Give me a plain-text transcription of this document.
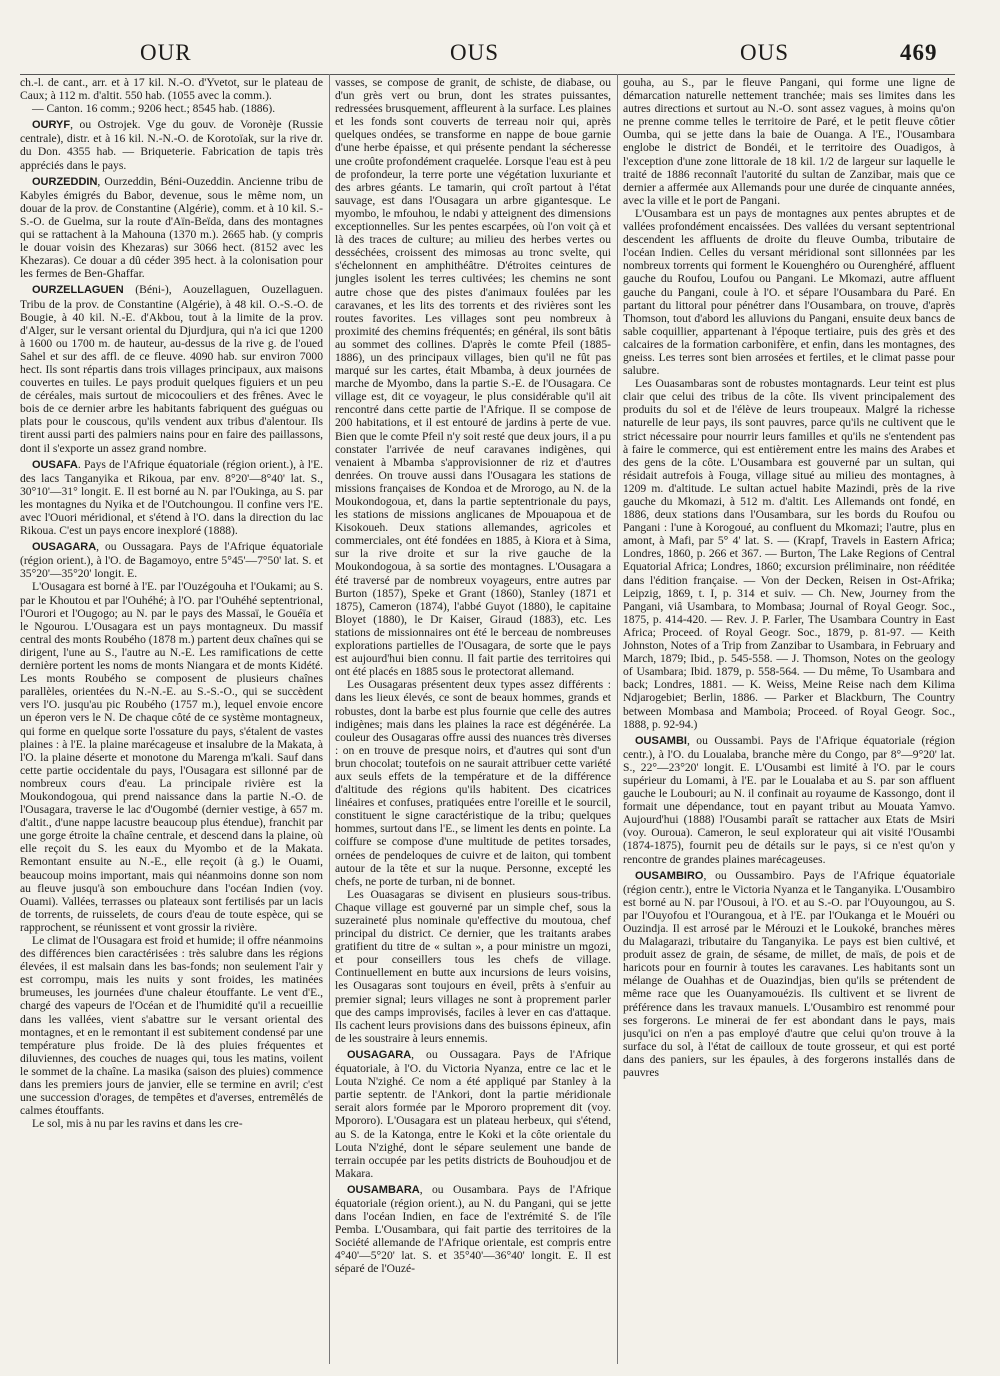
OUR	OUS	OUS	469

ch.-l. de cant., arr. et à 17 kil. N.-O. d'Yvetot, sur le plateau de Caux; à 112 m. d'altit. 550 hab. (1055 avec la comm.).

— Canton. 16 comm.; 9206 hect.; 8545 hab. (1886).

OURYF, ou Ostrojek. Vge du gouv. de Voronèje (Russie centrale), distr. et à 16 kil. N.-N.-O. de Korotoïak, sur la rive dr. du Don. 4355 hab. — Briqueterie. Fabrication de tapis très appréciés dans le pays.

OURZEDDIN, Ourzeddin, Béni-Ouzeddin. Ancienne tribu de Kabyles émigrés du Babor, devenue, sous le même nom, un douar de la prov. de Constantine (Algérie), comm. et à 10 kil. S.-S.-O. de Guelma, sur la route d'Aïn-Beïda, dans des montagnes qui se rattachent à la Mahouna (1370 m.). 2665 hab. (y compris le douar voisin des Khezaras) sur 3066 hect. (8152 avec les Khezaras). Ce douar a dû céder 395 hect. à la colonisation pour les fermes de Ben-Ghaffar.

OURZELLAGUEN (Béni-), Aouzellaguen, Ouzellaguen. Tribu de la prov. de Constantine (Algérie), à 48 kil. O.-S.-O. de Bougie, à 40 kil. N.-E. d'Akbou, tout à la limite de la prov. d'Alger, sur le versant oriental du Djurdjura, qui n'a ici que 1200 à 1600 ou 1700 m. de hauteur, au-dessus de la rive g. de l'oued Sahel et sur des affl. de ce fleuve. 4090 hab. sur environ 7000 hect. Ils sont répartis dans trois villages principaux, aux maisons couvertes en tuiles. Le pays produit quelques figuiers et un peu de céréales, mais surtout de micocouliers et des frênes. Avec le bois de ce dernier arbre les habitants fabriquent des guéguas ou plats pour le couscous, qu'ils vendent aux tribus d'alentour. Ils tirent aussi parti des palmiers nains pour en faire des paillassons, dont il s'exporte un assez grand nombre.

OUSAFA. Pays de l'Afrique équatoriale (région orient.), à l'E. des lacs Tanganyika et Rikoua, par env. 8°20'—8°40' lat. S., 30°10'—31° longit. E. Il est borné au N. par l'Oukinga, au S. par les montagnes du Nyika et de l'Outchoungou. Il confine vers l'E. avec l'Ouori méridional, et s'étend à l'O. dans la direction du lac Rikoua. C'est un pays encore inexploré (1888).

OUSAGARA, ou Oussagara. Pays de l'Afrique équatoriale (région orient.), à l'O. de Bagamoyo, entre 5°45'—7°50' lat. S. et 35°20'—35°20' longit. E.

L'Ousagara est borné à l'E. par l'Ouzégouha et l'Oukami; au S. par le Khoutou et par l'Ouhéhé; à l'O. par l'Ouhéhé septentrional, l'Ourori et l'Ougogo; au N. par le pays des Massaï, le Gouéïa et le Ngourou. L'Ousagara est un pays montagneux. Du massif central des monts Roubého (1878 m.) partent deux chaînes qui se dirigent, l'une au S., l'autre au N.-E. Les ramifications de cette dernière portent les noms de monts Niangara et de monts Kidété. Les monts Roubého se composent de plusieurs chaînes parallèles, orientées du N.-N.-E. au S.-S.-O., qui se succèdent vers l'O. jusqu'au pic Roubého (1757 m.), lequel envoie encore un éperon vers le N. De chaque côté de ce système montagneux, qui forme en quelque sorte l'ossature du pays, s'étalent de vastes plaines : à l'E. la plaine marécageuse et insalubre de la Makata, à l'O. la plaine déserte et monotone du Marenga m'kali. Sauf dans cette partie occidentale du pays, l'Ousagara est sillonné par de nombreux cours d'eau. La principale rivière est la Moukondogoua, qui prend naissance dans la partie N.-O. de l'Ousagara, traverse le lac d'Ougombé (dernier vestige, à 657 m. d'altit., d'une nappe lacustre beaucoup plus étendue), franchit par une gorge étroite la chaîne centrale, et descend dans la plaine, où elle reçoit du S. les eaux du Myombo et de la Makata. Remontant ensuite au N.-E., elle reçoit (à g.) le Ouami, beaucoup moins important, mais qui néanmoins donne son nom au fleuve jusqu'à son embouchure dans l'océan Indien (voy. Ouami). Vallées, terrasses ou plateaux sont fertilisés par un lacis de torrents, de ruisselets, de cours d'eau de toute espèce, qui se rapprochent, se réunissent et vont grossir la rivière.

Le climat de l'Ousagara est froid et humide; il offre néanmoins des différences bien caractérisées : très salubre dans les régions élevées, il est malsain dans les bas-fonds; non seulement l'air y est corrompu, mais les nuits y sont froides, les matinées brumeuses, les journées d'une chaleur étouffante. Le vent d'E., chargé des vapeurs de l'Océan et de l'humidité qu'il a recueillie dans les vallées, vient s'abattre sur le versant oriental des montagnes, et en le remontant il est subitement condensé par une température plus froide. De là des pluies fréquentes et diluviennes, des couches de nuages qui, tous les matins, voilent le sommet de la chaîne. La masika (saison des pluies) commence dans les premiers jours de janvier, elle se termine en avril; c'est une succession d'orages, de tempêtes et d'averses, entremêlés de calmes étouffants.

Le sol, mis à nu par les ravins et dans les cre-

vasses, se compose de granit, de schiste, de diabase, ou d'un grès vert ou brun, dont les strates puissantes, redressées brusquement, affleurent à la surface. Les plaines et les fonds sont couverts de terreau noir qui, après quelques ondées, se transforme en nappe de boue garnie d'une herbe épaisse, et qui présente pendant la sécheresse une croûte profondément craquelée. Lorsque l'eau est à peu de profondeur, la terre porte une végétation luxuriante et des arbres géants. Le tamarin, qui croît partout à l'état sauvage, est dans l'Ousagara un arbre gigantesque. Le myombo, le mfouhou, le ndabi y atteignent des dimensions exceptionnelles. Sur les pentes escarpées, où l'on voit çà et là des traces de culture; au milieu des herbes vertes ou desséchées, croissent des mimosas au tronc svelte, qui s'échelonnent en amphithéâtre. D'étroites ceintures de jungles isolent les terres cultivées; les chemins ne sont autre chose que des pistes d'animaux foulées par les caravanes, et les lits des torrents et des rivières sont les routes favorites. Les villages sont peu nombreux à proximité des chemins fréquentés; en général, ils sont bâtis au sommet des collines. D'après le comte Pfeil (1885-1886), un des principaux villages, bien qu'il ne fût pas marqué sur les cartes, était Mbamba, à deux journées de marche de Myombo, dans la partie S.-E. de l'Ousagara. Ce village est, dit ce voyageur, le plus considérable qu'il ait rencontré dans cette partie de l'Afrique. Il se compose de 200 habitations, et il est entouré de jardins à perte de vue. Bien que le comte Pfeil n'y soit resté que deux jours, il a pu constater l'arrivée de neuf caravanes indigènes, qui venaient à Mbamba s'approvisionner de riz et d'autres denrées. On trouve aussi dans l'Ousagara les stations de missions françaises de Kondoa et de Mrorogo, au N. de la Moukondogoua, et, dans la partie septentrionale du pays, les stations de missions anglicanes de Mpouapoua et de Kisokoueh. Deux stations allemandes, agricoles et commerciales, ont été fondées en 1885, à Kiora et à Sima, sur la rive droite et sur la rive gauche de la Moukondogoua, à sa sortie des montagnes. L'Ousagara a été traversé par de nombreux voyageurs, entre autres par Burton (1857), Speke et Grant (1860), Stanley (1871 et 1875), Cameron (1874), l'abbé Guyot (1880), le capitaine Bloyet (1880), le Dr Kaiser, Giraud (1883), etc. Les stations de missionnaires ont été le berceau de nombreuses explorations partielles de l'Ousagara, de sorte que le pays est aujourd'hui bien connu. Il fait partie des territoires qui ont été placés en 1885 sous le protectorat allemand.

Les Ousagaras présentent deux types assez différents : dans les lieux élevés, ce sont de beaux hommes, grands et robustes, dont la barbe est plus fournie que celle des autres indigènes; mais dans les plaines la race est dégénérée. La couleur des Ousagaras offre aussi des nuances très diverses : on en trouve de presque noirs, et d'autres qui sont d'un brun chocolat; toutefois on ne saurait attribuer cette variété aux seuls effets de la température et de la différence d'altitude des régions qu'ils habitent. Des cicatrices linéaires et confuses, pratiquées entre l'oreille et le sourcil, constituent le signe caractéristique de la tribu; quelques hommes, surtout dans l'E., se liment les dents en pointe. La coiffure se compose d'une multitude de petites torsades, ornées de pendeloques de cuivre et de laiton, qui tombent autour de la tête et sur la nuque. Personne, excepté les chefs, ne porte de turban, ni de bonnet.

Les Ouasagaras se divisent en plusieurs sous-tribus. Chaque village est gouverné par un simple chef, sous la suzeraineté plus nominale qu'effective du moutoua, chef principal du district. Ce dernier, que les traitants arabes gratifient du titre de « sultan », a pour ministre un mgozi, et pour conseillers tous les chefs de village. Continuellement en butte aux incursions de leurs voisins, les Ousagaras sont toujours en éveil, prêts à s'enfuir au premier signal; leurs villages ne sont à proprement parler que des camps improvisés, faciles à lever en cas d'attaque. Ils cachent leurs provisions dans des buissons épineux, afin de les soustraire à leurs ennemis.

OUSAGARA, ou Oussagara. Pays de l'Afrique équatoriale, à l'O. du Victoria Nyanza, entre ce lac et le Louta N'zighé. Ce nom a été appliqué par Stanley à la partie septentr. de l'Ankori, dont la partie méridionale serait alors formée par le Mpororo proprement dit (voy. Mpororo). L'Ousagara est un plateau herbeux, qui s'étend, au S. de la Katonga, entre le Koki et la côte orientale du Louta N'zighé, dont le sépare seulement une bande de terrain occupée par les petits districts de Bouhoudjou et de Makara.

OUSAMBARA, ou Ousambara. Pays de l'Afrique équatoriale (région orient.), au N. du Pangani, qui se jette dans l'océan Indien, en face de l'extrémité S. de l'île Pemba. L'Ousambara, qui fait partie des territoires de la Société allemande de l'Afrique orientale, est compris entre 4°40'—5°20' lat. S. et 35°40'—36°40' longit. E. Il est séparé de l'Ouzé-

gouha, au S., par le fleuve Pangani, qui forme une ligne de démarcation naturelle nettement tranchée; mais ses limites dans les autres directions et surtout au N.-O. sont assez vagues, à moins qu'on ne prenne comme telles le territoire de Paré, et le petit fleuve côtier Oumba, qui se jette dans la baie de Ouanga. A l'E., l'Ousambara englobe le district de Bondéi, et le territoire des Ouadigos, à l'exception d'une zone littorale de 18 kil. 1/2 de largeur sur laquelle le traité de 1886 reconnaît l'autorité du sultan de Zanzibar, mais que ce dernier a affermée aux Allemands pour une durée de cinquante années, avec la ville et le port de Pangani.

L'Ousambara est un pays de montagnes aux pentes abruptes et de vallées profondément encaissées. Des vallées du versant septentrional descendent les affluents de droite du fleuve Oumba, tributaire de l'océan Indien. Celles du versant méridional sont sillonnées par les nombreux torrents qui forment le Kouenghéro ou Ourenghéré, affluent gauche du Roufou, Loufou ou Pangani. Le Mkomazi, autre affluent gauche du Pangani, coule à l'O. et sépare l'Ousambara du Paré. En partant du littoral pour pénétrer dans l'Ousambara, on trouve, d'après Thomson, tout d'abord les alluvions du Pangani, ensuite deux bancs de sable coquillier, appartenant à l'époque tertiaire, puis des grès et des calcaires de la formation carbonifère, et enfin, dans les montagnes, des gneiss. Les terres sont bien arrosées et fertiles, et le climat passe pour salubre.

Les Ouasambaras sont de robustes montagnards. Leur teint est plus clair que celui des tribus de la côte. Ils vivent principalement des produits du sol et de l'élève de leurs troupeaux. Malgré la richesse naturelle de leur pays, ils sont pauvres, parce qu'ils ne cultivent que le strict nécessaire pour nourrir leurs familles et qu'ils ne s'entendent pas à faire le commerce, qui est entièrement entre les mains des Arabes et des gens de la côte. L'Ousambara est gouverné par un sultan, qui résidait autrefois à Fouga, village situé au milieu des montagnes, à 1209 m. d'altitude. Le sultan actuel habite Mazindi, près de la rive gauche du Mkomazi, à 512 m. d'altit. Les Allemands ont fondé, en 1886, deux stations dans l'Ousambara, sur les bords du Roufou ou Pangani : l'une à Korogoué, au confluent du Mkomazi; l'autre, plus en amont, à Mafi, par 5° 4' lat. S. — (Krapf, Travels in Eastern Africa; Londres, 1860, p. 266 et 367. — Burton, The Lake Regions of Central Equatorial Africa; Londres, 1860; excursion préliminaire, non rééditée dans l'édition française. — Von der Decken, Reisen in Ost-Afrika; Leipzig, 1869, t. I, p. 314 et suiv. — Ch. New, Journey from the Pangani, viâ Usambara, to Mombasa; Journal of Royal Geogr. Soc., 1875, p. 414-420. — Rev. J. P. Farler, The Usambara Country in East Africa; Proceed. of Royal Geogr. Soc., 1879, p. 81-97. — Keith Johnston, Notes of a Trip from Zanzibar to Usambara, in February and March, 1879; Ibid., p. 545-558. — J. Thomson, Notes on the geology of Usambara; Ibid. 1879, p. 558-564. — Du même, To Usambara and back; Londres, 1881. — K. Weiss, Meine Reise nach dem Kilima Ndjarogebiet; Berlin, 1886. — Parker et Blackburn, The Country between Mombasa and Mamboia; Proceed. of Royal Geogr. Soc., 1888, p. 92-94.)

OUSAMBI, ou Oussambi. Pays de l'Afrique équatoriale (région centr.), à l'O. du Loualaba, branche mère du Congo, par 8°—9°20' lat. S., 22°—23°20' longit. E. L'Ousambi est limité à l'O. par le cours supérieur du Lomami, à l'E. par le Loualaba et au S. par son affluent gauche le Loubouri; au N. il confinait au royaume de Kassongo, dont il formait une dépendance, tout en payant tribut au Mouata Yamvo. Aujourd'hui (1888) l'Ousambi paraît se rattacher aux Etats de Msiri (voy. Ouroua). Cameron, le seul explorateur qui ait visité l'Ousambi (1874-1875), fournit peu de détails sur le pays, si ce n'est qu'on y rencontre de grandes plaines marécageuses.

OUSAMBIRO, ou Oussambiro. Pays de l'Afrique équatoriale (région centr.), entre le Victoria Nyanza et le Tanganyika. L'Ousambiro est borné au N. par l'Ousoui, à l'O. et au S.-O. par l'Ouyoungou, au S. par l'Ouyofou et l'Ourangoua, et à l'E. par l'Oukanga et le Mouéri ou Ouzindja. Il est arrosé par le Mérouzi et le Loukoké, branches mères du Malagarazi, tributaire du Tanganyika. Le pays est bien cultivé, et produit assez de grain, de sésame, de millet, de maïs, de pois et de haricots pour en fournir à toutes les caravanes. Les habitants sont un mélange de Ouahhas et de Ouazindjas, bien qu'ils se prétendent de même race que les Ouanyamouézis. Ils cultivent et se livrent de préférence dans les travaux manuels. L'Ousambiro est renommé pour ses forgerons. Le minerai de fer est abondant dans le pays, mais jusqu'ici on n'en a pas employé d'autre que celui qu'on trouve à la surface du sol, à l'état de cailloux de toute grosseur, et qui est porté dans des paniers, sur les épaules, à des forgerons installés dans de pauvres
